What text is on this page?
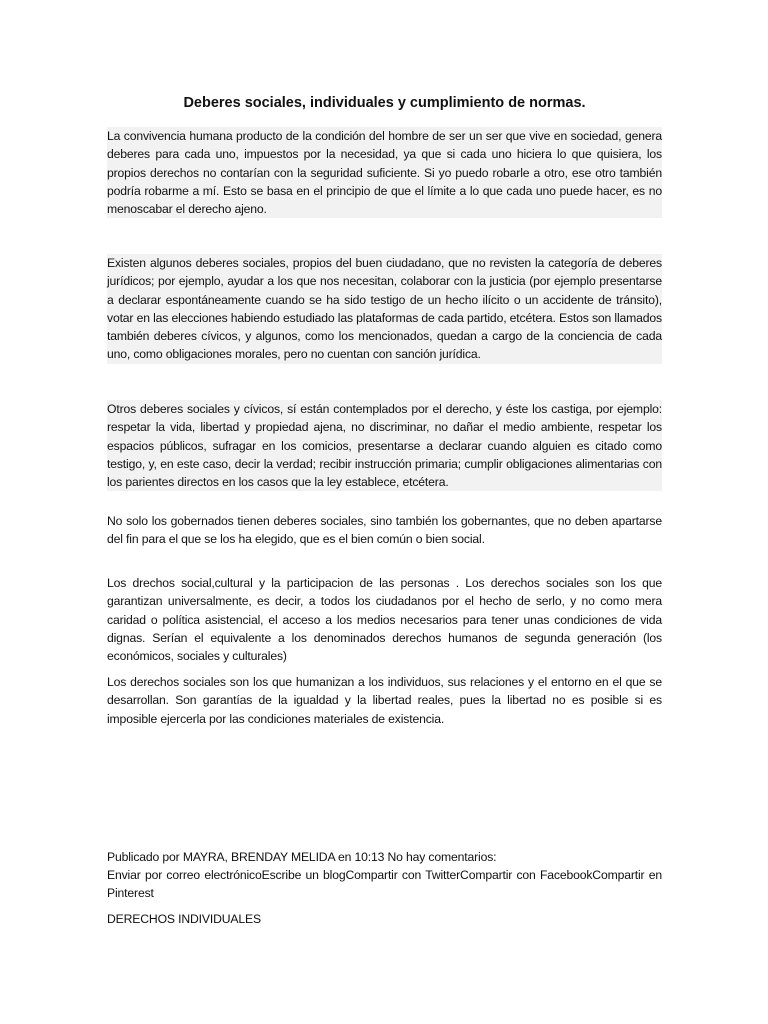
Deberes sociales, individuales y cumplimiento de normas.

La convivencia humana producto de la condición del hombre de ser un ser que vive en sociedad, genera deberes para cada uno, impuestos por la necesidad, ya que si cada uno hiciera lo que quisiera, los propios derechos no contarían con la seguridad suficiente. Si yo puedo robarle a otro, ese otro también podría robarme a mí. Esto se basa en el principio de que el límite a lo que cada uno puede hacer, es no menoscabar el derecho ajeno.

Existen algunos deberes sociales, propios del buen ciudadano, que no revisten la categoría de deberes jurídicos; por ejemplo, ayudar a los que nos necesitan, colaborar con la justicia (por ejemplo presentarse a declarar espontáneamente cuando se ha sido testigo de un hecho ilícito o un accidente de tránsito), votar en las elecciones habiendo estudiado las plataformas de cada partido, etcétera. Estos son llamados también deberes cívicos, y algunos, como los mencionados, quedan a cargo de la conciencia de cada uno, como obligaciones morales, pero no cuentan con sanción jurídica.

Otros deberes sociales y cívicos, sí están contemplados por el derecho, y éste los castiga, por ejemplo: respetar la vida, libertad y propiedad ajena, no discriminar, no dañar el medio ambiente, respetar los espacios públicos, sufragar en los comicios, presentarse a declarar cuando alguien es citado como testigo, y, en este caso, decir la verdad; recibir instrucción primaria; cumplir obligaciones alimentarias con los parientes directos en los casos que la ley establece, etcétera.

No solo los gobernados tienen deberes sociales, sino también los gobernantes, que no deben apartarse del fin para el que se los ha elegido, que es el bien común o bien social.

Los drechos social,cultural y la participacion de las personas . Los derechos sociales son los que garantizan universalmente, es decir, a todos los ciudadanos por el hecho de serlo, y no como mera caridad o política asistencial, el acceso a los medios necesarios para tener unas condiciones de vida dignas. Serían el equivalente a los denominados derechos humanos de segunda generación (los económicos, sociales y culturales)

Los derechos sociales son los que humanizan a los individuos, sus relaciones y el entorno en el que se desarrollan. Son garantías de la igualdad y la libertad reales, pues la libertad no es posible si es imposible ejercerla por las condiciones materiales de existencia.

Publicado por MAYRA, BRENDAY MELIDA en 10:13 No hay comentarios:

Enviar por correo electrónicoEscribe un blogCompartir con TwitterCompartir con FacebookCompartir en Pinterest

DERECHOS INDIVIDUALES
